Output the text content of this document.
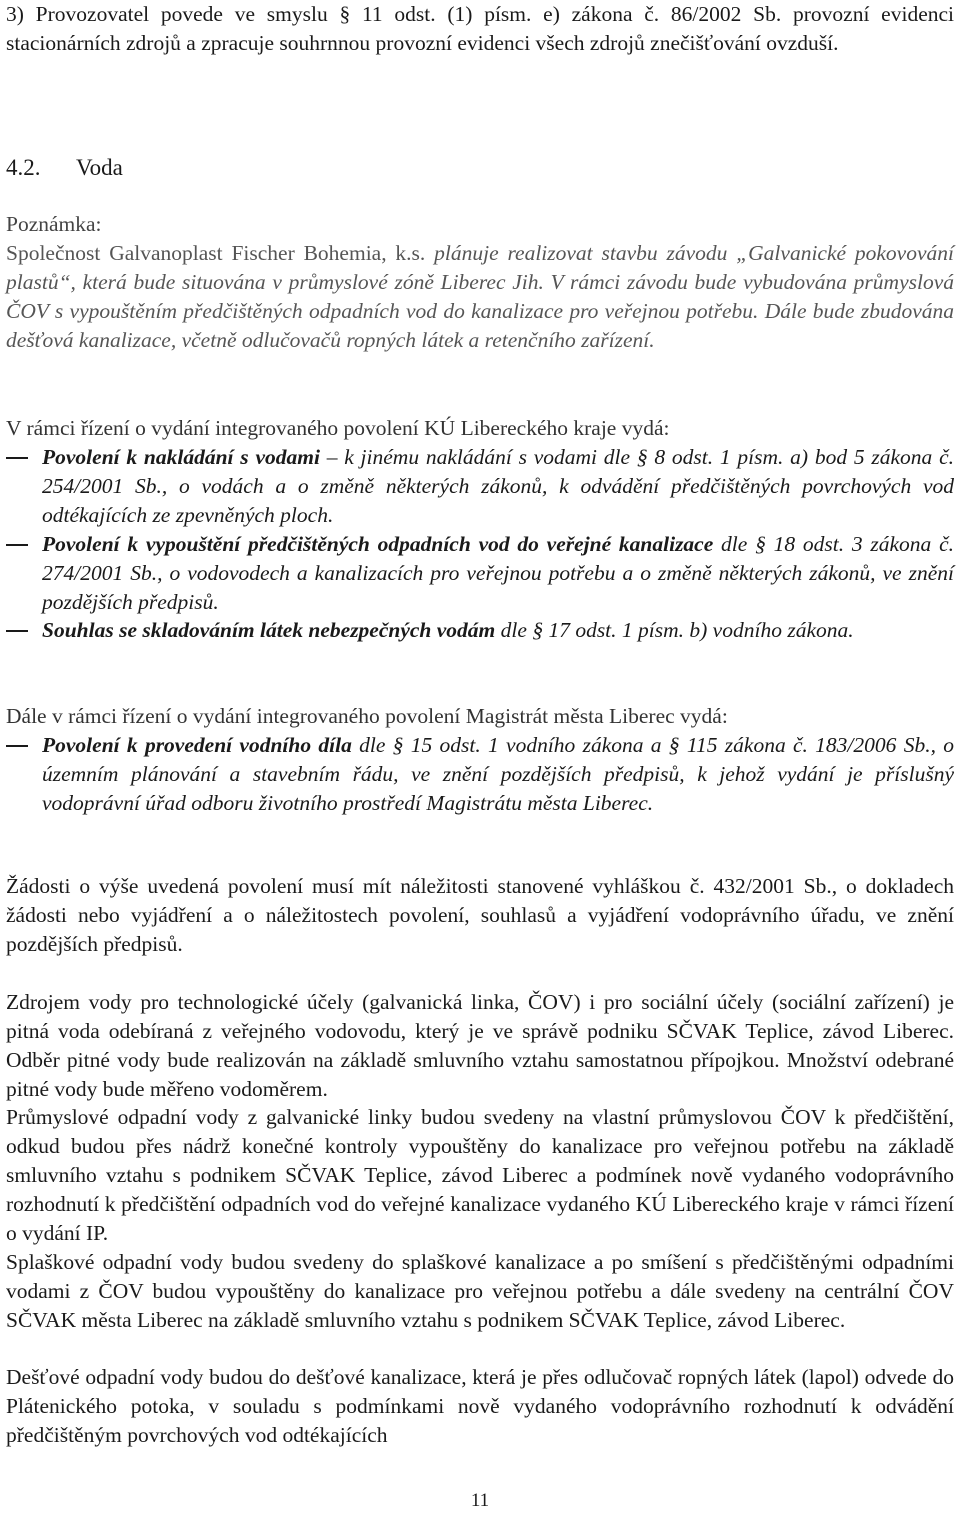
3) Provozovatel povede ve smyslu § 11 odst. (1) písm. e) zákona č. 86/2002 Sb. provozní evidenci stacionárních zdrojů a zpracuje souhrnnou provozní evidenci všech zdrojů znečišťování ovzduší.

4.2. Voda
Poznámka:

Společnost Galvanoplast Fischer Bohemia, k.s. plánuje realizovat stavbu závodu „Galvanické pokovování plastů“, která bude situována v průmyslové zóně Liberec Jih. V rámci závodu bude vybudována průmyslová ČOV s vypouštěním předčištěných odpadních vod do kanalizace pro veřejnou potřebu. Dále bude zbudována dešťová kanalizace, včetně odlučovačů ropných látek a retenčního zařízení.

V rámci řízení o vydání integrovaného povolení KÚ Libereckého kraje vydá:

Povolení k nakládání s vodami – k jinému nakládání s vodami dle § 8 odst. 1 písm. a) bod 5 zákona č. 254/2001 Sb., o vodách a o změně některých zákonů, k odvádění předčištěných povrchových vod odtékajících ze zpevněných ploch.
Povolení k vypouštění předčištěných odpadních vod do veřejné kanalizace dle § 18 odst. 3 zákona č. 274/2001 Sb., o vodovodech a kanalizacích pro veřejnou potřebu a o změně některých zákonů, ve znění pozdějších předpisů.
Souhlas se skladováním látek nebezpečných vodám dle § 17 odst. 1 písm. b) vodního zákona.

Dále v rámci řízení o vydání integrovaného povolení Magistrát města Liberec vydá:

Povolení k provedení vodního díla dle § 15 odst. 1 vodního zákona a § 115 zákona č. 183/2006 Sb., o územním plánování a stavebním řádu, ve znění pozdějších předpisů, k jehož vydání je příslušný vodoprávní úřad odboru životního prostředí Magistrátu města Liberec.

Žádosti o výše uvedená povolení musí mít náležitosti stanovené vyhláškou č. 432/2001 Sb., o dokladech žádosti nebo vyjádření a o náležitostech povolení, souhlasů a vyjádření vodoprávního úřadu, ve znění pozdějších předpisů.

Zdrojem vody pro technologické účely (galvanická linka, ČOV) i pro sociální účely (sociální zařízení) je pitná voda odebíraná z veřejného vodovodu, který je ve správě podniku SČVAK Teplice, závod Liberec. Odběr pitné vody bude realizován na základě smluvního vztahu samostatnou přípojkou. Množství odebrané pitné vody bude měřeno vodoměrem.

Průmyslové odpadní vody z galvanické linky budou svedeny na vlastní průmyslovou ČOV k předčištění, odkud budou přes nádrž konečné kontroly vypouštěny do kanalizace pro veřejnou potřebu na základě smluvního vztahu s podnikem SČVAK Teplice, závod Liberec a podmínek nově vydaného vodoprávního rozhodnutí k předčištění odpadních vod do veřejné kanalizace vydaného KÚ Libereckého kraje v rámci řízení o vydání IP.

Splaškové odpadní vody budou svedeny do splaškové kanalizace a po smíšení s předčištěnými odpadními vodami z ČOV budou vypouštěny do kanalizace pro veřejnou potřebu a dále svedeny na centrální ČOV SČVAK města Liberec na základě smluvního vztahu s podnikem SČVAK Teplice, závod Liberec.

Dešťové odpadní vody budou do dešťové kanalizace, která je přes odlučovač ropných látek (lapol) odvede do Plátenického potoka, v souladu s podmínkami nově vydaného vodoprávního rozhodnutí k odvádění předčištěným povrchových vod odtékajících

11
